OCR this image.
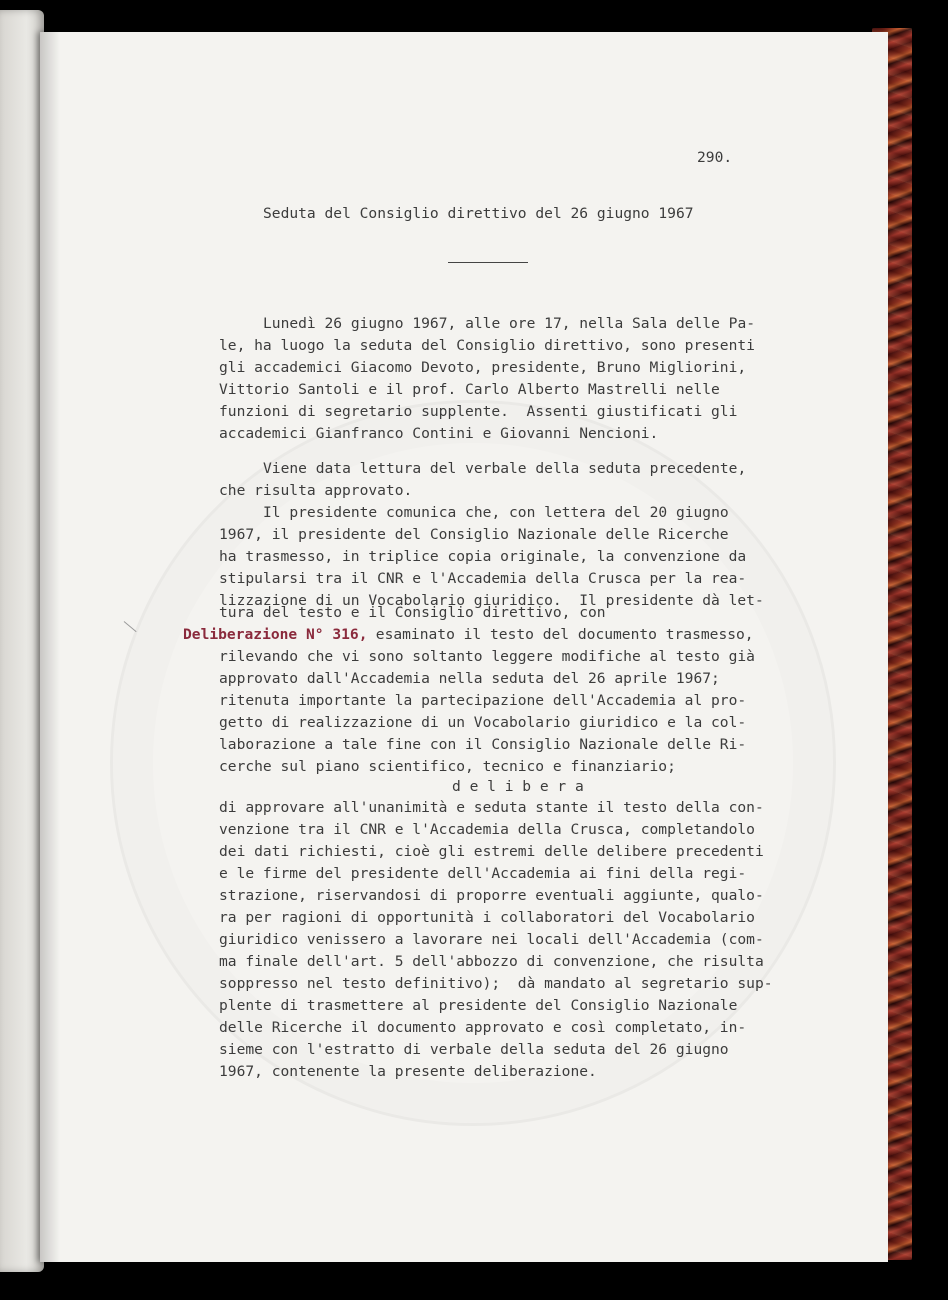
290.
Seduta del Consiglio direttivo del 26 giugno 1967
Lunedì 26 giugno 1967, alle ore 17, nella Sala delle Pa-
le, ha luogo la seduta del Consiglio direttivo, sono presenti
gli accademici Giacomo Devoto, presidente, Bruno Migliorini,
Vittorio Santoli e il prof. Carlo Alberto Mastrelli nelle
funzioni di segretario supplente.  Assenti giustificati gli
accademici Gianfranco Contini e Giovanni Nencioni.
Viene data lettura del verbale della seduta precedente,
che risulta approvato.
Il presidente comunica che, con lettera del 20 giugno
1967, il presidente del Consiglio Nazionale delle Ricerche
ha trasmesso, in triplice copia originale, la convenzione da
stipularsi tra il CNR e l'Accademia della Crusca per la rea-
lizzazione di un Vocabolario giuridico.  Il presidente dà let-
tura del testo e il Consiglio direttivo, con
Deliberazione N° 316, esaminato il testo del documento trasmesso,
rilevando che vi sono soltanto leggere modifiche al testo già
approvato dall'Accademia nella seduta del 26 aprile 1967;
ritenuta importante la partecipazione dell'Accademia al pro-
getto di realizzazione di un Vocabolario giuridico e la col-
laborazione a tale fine con il Consiglio Nazionale delle Ri-
cerche sul piano scientifico, tecnico e finanziario;
d e l i b e r a
di approvare all'unanimità e seduta stante il testo della con-
venzione tra il CNR e l'Accademia della Crusca, completandolo
dei dati richiesti, cioè gli estremi delle delibere precedenti
e le firme del presidente dell'Accademia ai fini della regi-
strazione, riservandosi di proporre eventuali aggiunte, qualo-
ra per ragioni di opportunità i collaboratori del Vocabolario
giuridico venissero a lavorare nei locali dell'Accademia (com-
ma finale dell'art. 5 dell'abbozzo di convenzione, che risulta
soppresso nel testo definitivo);  dà mandato al segretario sup-
plente di trasmettere al presidente del Consiglio Nazionale
delle Ricerche il documento approvato e così completato, in-
sieme con l'estratto di verbale della seduta del 26 giugno
1967, contenente la presente deliberazione.
